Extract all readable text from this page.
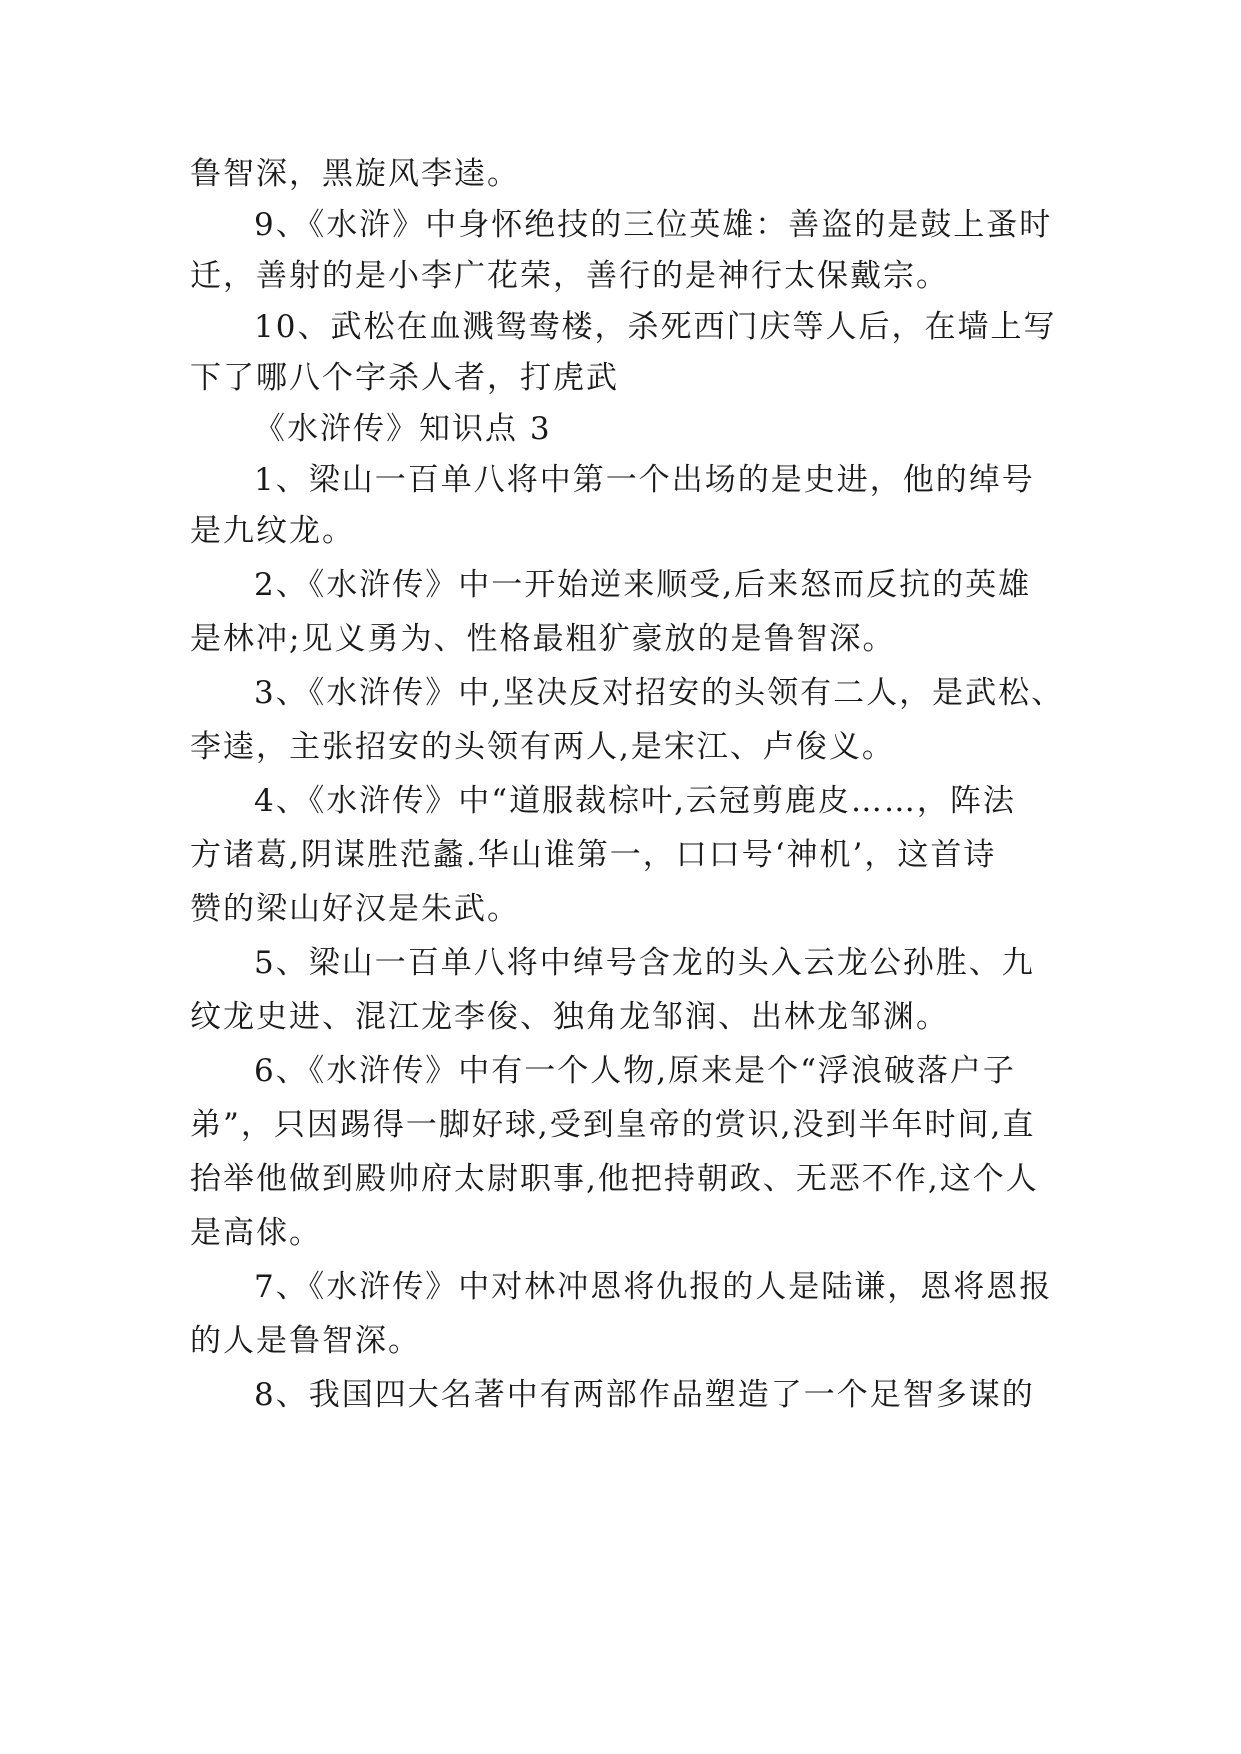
鲁智深，黑旋风李逵。
9、《水浒》中身怀绝技的三位英雄：善盗的是鼓上蚤时
迁，善射的是小李广花荣，善行的是神行太保戴宗。
10、武松在血溅鸳鸯楼，杀死西门庆等人后，在墙上写
下了哪八个字杀人者，打虎武
《水浒传》知识点 3
1、梁山一百单八将中第一个出场的是史进，他的绰号
是九纹龙。
2、《水浒传》中一开始逆来顺受,后来怒而反抗的英雄
是林冲;见义勇为、性格最粗犷豪放的是鲁智深。
3、《水浒传》中,坚决反对招安的头领有二人，是武松、
李逵，主张招安的头领有两人,是宋江、卢俊义。
4、《水浒传》中“道服裁棕叶,云冠剪鹿皮……，阵法
方诸葛,阴谋胜范蠡.华山谁第一，口口号‘神机’，这首诗
赞的梁山好汉是朱武。
5、梁山一百单八将中绰号含龙的头入云龙公孙胜、九
纹龙史进、混江龙李俊、独角龙邹润、出林龙邹渊。
6、《水浒传》中有一个人物,原来是个“浮浪破落户子
弟”，只因踢得一脚好球,受到皇帝的赏识,没到半年时间,直
抬举他做到殿帅府太尉职事,他把持朝政、无恶不作,这个人
是高俅。
7、《水浒传》中对林冲恩将仇报的人是陆谦，恩将恩报
的人是鲁智深。
8、我国四大名著中有两部作品塑造了一个足智多谋的
